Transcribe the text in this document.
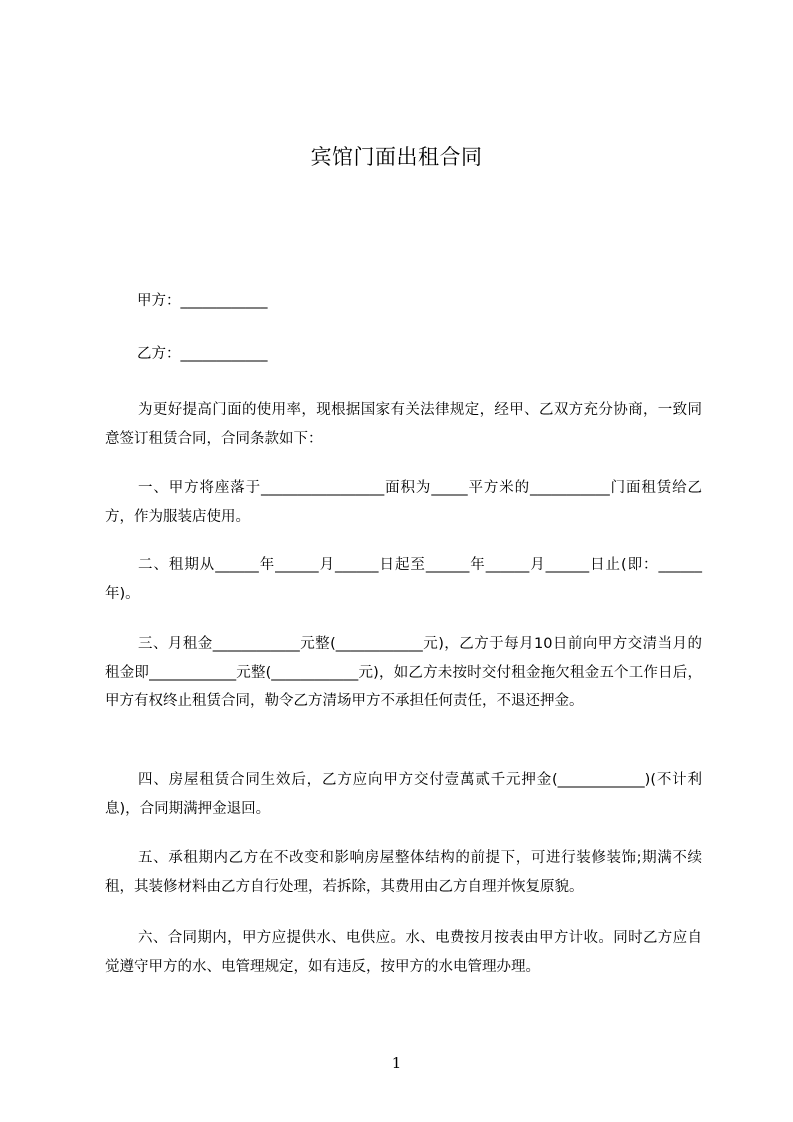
宾馆门面出租合同
甲方：____________
乙方：____________
为更好提高门面的使用率，现根据国家有关法律规定，经甲、乙双方充分协商，一致同意签订租赁合同，合同条款如下：
一、甲方将座落于_________________面积为_____平方米的___________门面租赁给乙方，作为服装店使用。
二、租期从______年______月______日起至______年______月______日止(即：______年)。
三、月租金____________元整(____________元)，乙方于每月10日前向甲方交清当月的租金即____________元整(____________元)，如乙方未按时交付租金拖欠租金五个工作日后，甲方有权终止租赁合同，勒令乙方清场甲方不承担任何责任，不退还押金。
四、房屋租赁合同生效后，乙方应向甲方交付壹萬贰千元押金(____________)(不计利息)，合同期满押金退回。
五、承租期内乙方在不改变和影响房屋整体结构的前提下，可进行装修装饰;期满不续租，其装修材料由乙方自行处理，若拆除，其费用由乙方自理并恢复原貌。
六、合同期内，甲方应提供水、电供应。水、电费按月按表由甲方计收。同时乙方应自觉遵守甲方的水、电管理规定，如有违反，按甲方的水电管理办理。
1
